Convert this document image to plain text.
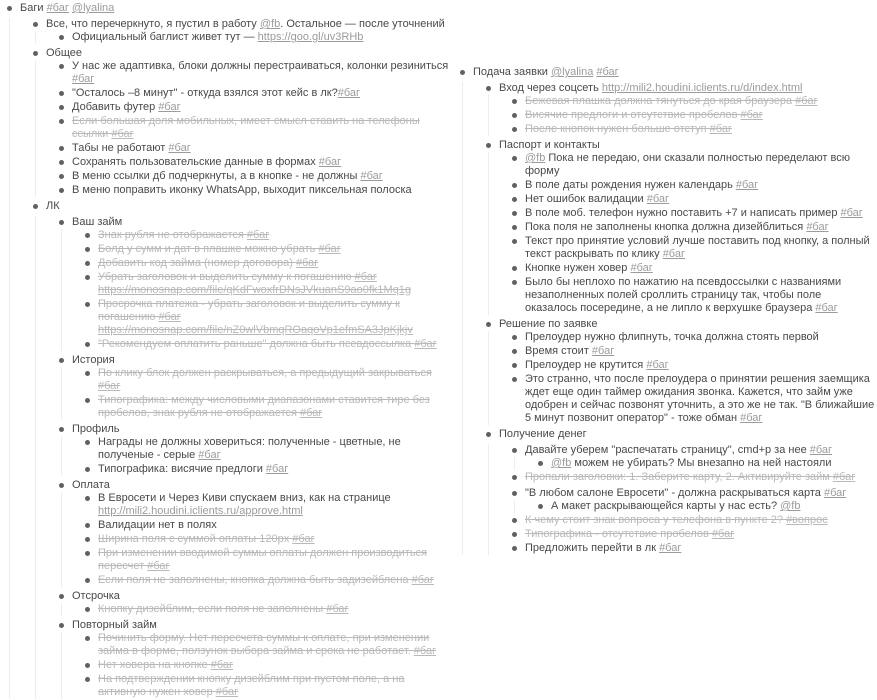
Баги #баг @lyalina
Все, что перечеркнуто, я пустил в работу @fb. Остальное — после уточнений
Официальный баглист живет тут — https://goo.gl/uv3RHb
Общее
У нас же адаптивка, блоки должны перестраиваться, колонки резиниться #баг
"Осталось –8 минут" - откуда взялся этот кейс в лк?#баг
Добавить футер #баг
Если большая доля мобильных, имеет смысл ставить на телефоны ссылки #баг
Табы не работают #баг
Сохранять пользовательские данные в формах #баг
В меню ссылки дб подчеркнуты, а в кнопке - не должны #баг
В меню поправить иконку WhatsApp, выходит пиксельная полоска
ЛК
Ваш займ
Знак рубля не отображается #баг
Болд у сумм и дат в плашке можно убрать #баг
Добавить код займа (номер договора) #баг
Убрать заголовок и выделить сумму к погашению #баг https://monosnap.com/file/qKdFwoxfrDNsJVkuanS9ao0fk1Mq1g
Просрочка платежа - убрать заголовок и выделить сумму к погашению #баг https://monosnap.com/file/nZ0wlVbmqROaqoVp1efmSA3JpKjkjv
"Рекомендуем оплатить раньше" должна быть псевдоссылка #баг
История
По клику блок должен раскрываться, а предыдущий закрываться #баг
Типографика: между числовыми диапазонами ставится тире без пробелов, знак рубля не отображается #баг
Профиль
Награды не должны ховериться: полученные - цветные, не полученые - серые #баг
Типографика: висячие предлоги #баг
Оплата
В Евросети и Через Киви спускаем вниз, как на странице http://mili2.houdini.iclients.ru/approve.html
Валидации нет в полях
Ширина поля с суммой оплаты 120px #баг
При изменении вводимой суммы оплаты должен производиться пересчет #баг
Если поля не заполнены, кнопка должна быть задизейблена #баг
Отсрочка
Кнопку дизейблим, если поля не заполнены #баг
Повторный займ
Починить форму. Нет пересчета суммы к оплате, при изменении займа в форме, ползунок выбора займа и срока не работает. #баг
Нет ховера на кнопке #баг
На подтверждении кнопку дизейблим при пустом поле, а на активную нужен ховер #баг
Подача заявки @lyalina #баг
Вход через соцсеть http://mili2.houdini.iclients.ru/d/index.html
Бежевая плашка должна тянуться до края браузера #баг
Висячие предлоги и отсутствие пробелов #баг
После кнопок нужен больше отступ #баг
Паспорт и контакты
@fb Пока не передаю, они сказали полностью переделают всю форму
В поле даты рождения нужен календарь #баг
Нет ошибок валидации #баг
В поле моб. телефон нужно поставить +7 и написать пример #баг
Пока поля не заполнены кнопка должна дизейблиться #баг
Текст про принятие условий лучше поставить под кнопку, а полный текст раскрывать по клику #баг
Кнопке нужен ховер #баг
Было бы неплохо по нажатию на псевдоссылки с названиями незаполненных полей сроллить страницу так, чтобы поле оказалось посередине, а не липло к верхушке браузера #баг
Решение по заявке
Прелоудер нужно флипнуть, точка должна стоять первой
Время стоит #баг
Прелоудер не крутится #баг
Это странно, что после прелоудера о принятии решения заемщика ждет еще один таймер ожидания звонка. Кажется, что займ уже одобрен и сейчас позвонят уточнить, а это же не так. "В ближайшие 5 минут позвонит оператор" - тоже обман #баг
Получение денег
Давайте уберем "распечатать страницу", cmd+p за нее #баг
@fb можем не убирать? Мы внезапно на ней настояли
Пропали заголовки: 1. Заберите карту, 2. Активируйте займ #баг
"В любом салоне Евросети" - должна раскрываться карта #баг
А макет раскрывающейся карты у нас есть? @fb
К чему стоит знак вопроса у телефона в пункте 2? #вопрос
Типографика - отсутствие пробелов #баг
Предложить перейти в лк #баг
